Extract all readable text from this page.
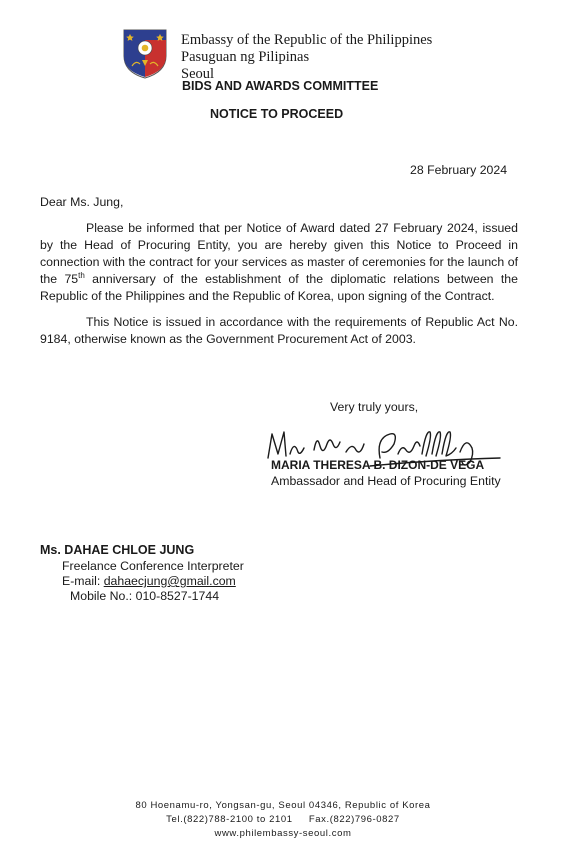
Embassy of the Republic of the Philippines
Pasuguan ng Pilipinas
Seoul
BIDS AND AWARDS COMMITTEE
NOTICE TO PROCEED
28 February 2024
Dear Ms. Jung,
Please be informed that per Notice of Award dated 27 February 2024, issued by the Head of Procuring Entity, you are hereby given this Notice to Proceed in connection with the contract for your services as master of ceremonies for the launch of the 75th anniversary of the establishment of the diplomatic relations between the Republic of the Philippines and the Republic of Korea, upon signing of the Contract.
This Notice is issued in accordance with the requirements of Republic Act No. 9184, otherwise known as the Government Procurement Act of 2003.
Very truly yours,
MARIA THERESA B. DIZON-DE VEGA
Ambassador and Head of Procuring Entity
Ms. DAHAE CHLOE JUNG
Freelance Conference Interpreter
E-mail: dahaecjung@gmail.com
Mobile No.: 010-8527-1744
80 Hoenamu-ro, Yongsan-gu, Seoul 04346, Republic of Korea
Tel.(822)788-2100 to 2101     Fax.(822)796-0827
www.philembassy-seoul.com
